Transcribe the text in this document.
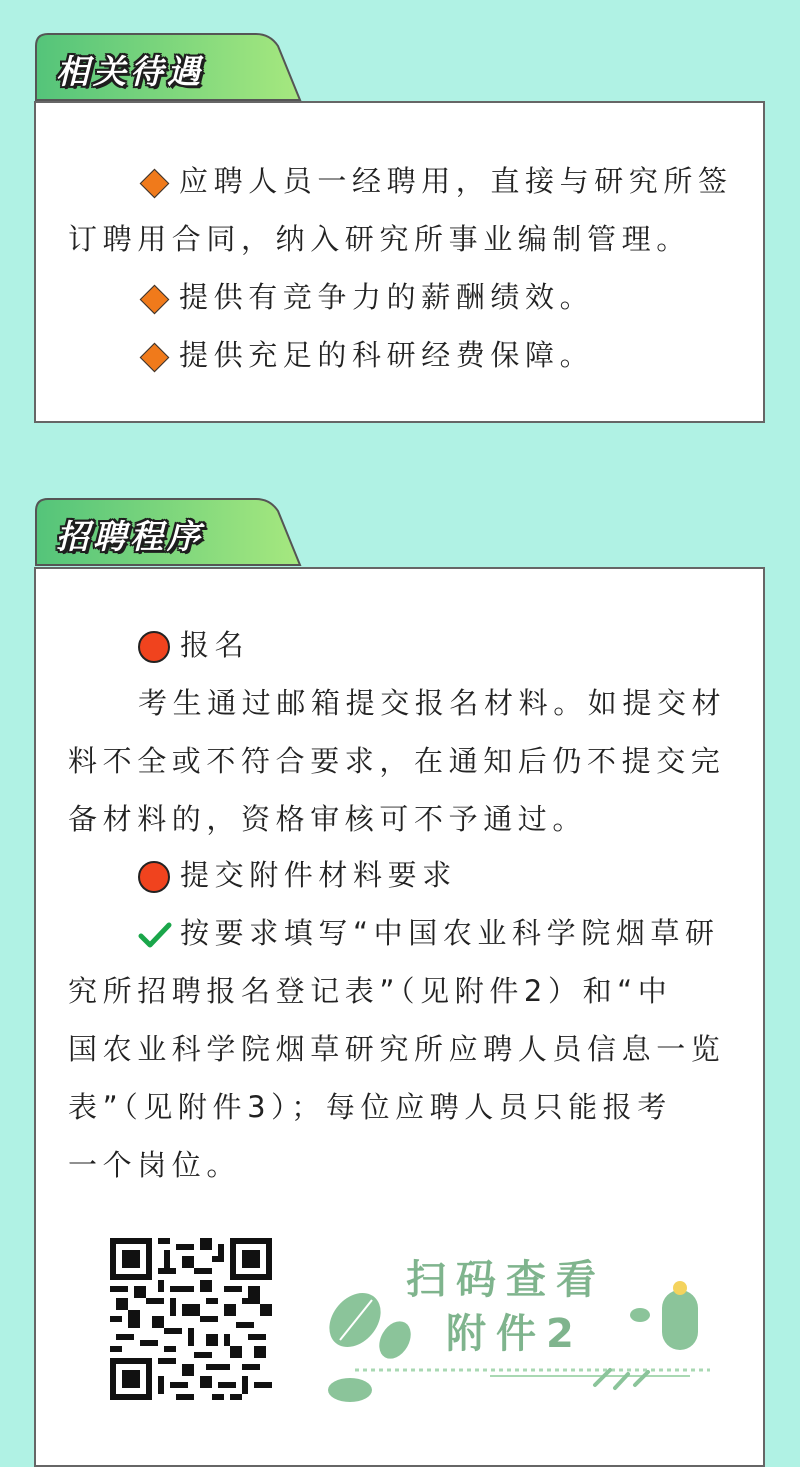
相关待遇
应聘人员一经聘用，直接与研究所签
订聘用合同，纳入研究所事业编制管理。
提供有竞争力的薪酬绩效。
提供充足的科研经费保障。
招聘程序
报名
考生通过邮箱提交报名材料。如提交材
料不全或不符合要求，在通知后仍不提交完
备材料的，资格审核可不予通过。
提交附件材料要求
按要求填写“中国农业科学院烟草研
究所招聘报名登记表”（见附件2）和“中
国农业科学院烟草研究所应聘人员信息一览
表”（见附件3）；每位应聘人员只能报考
一个岗位。
扫码查看
附件2
